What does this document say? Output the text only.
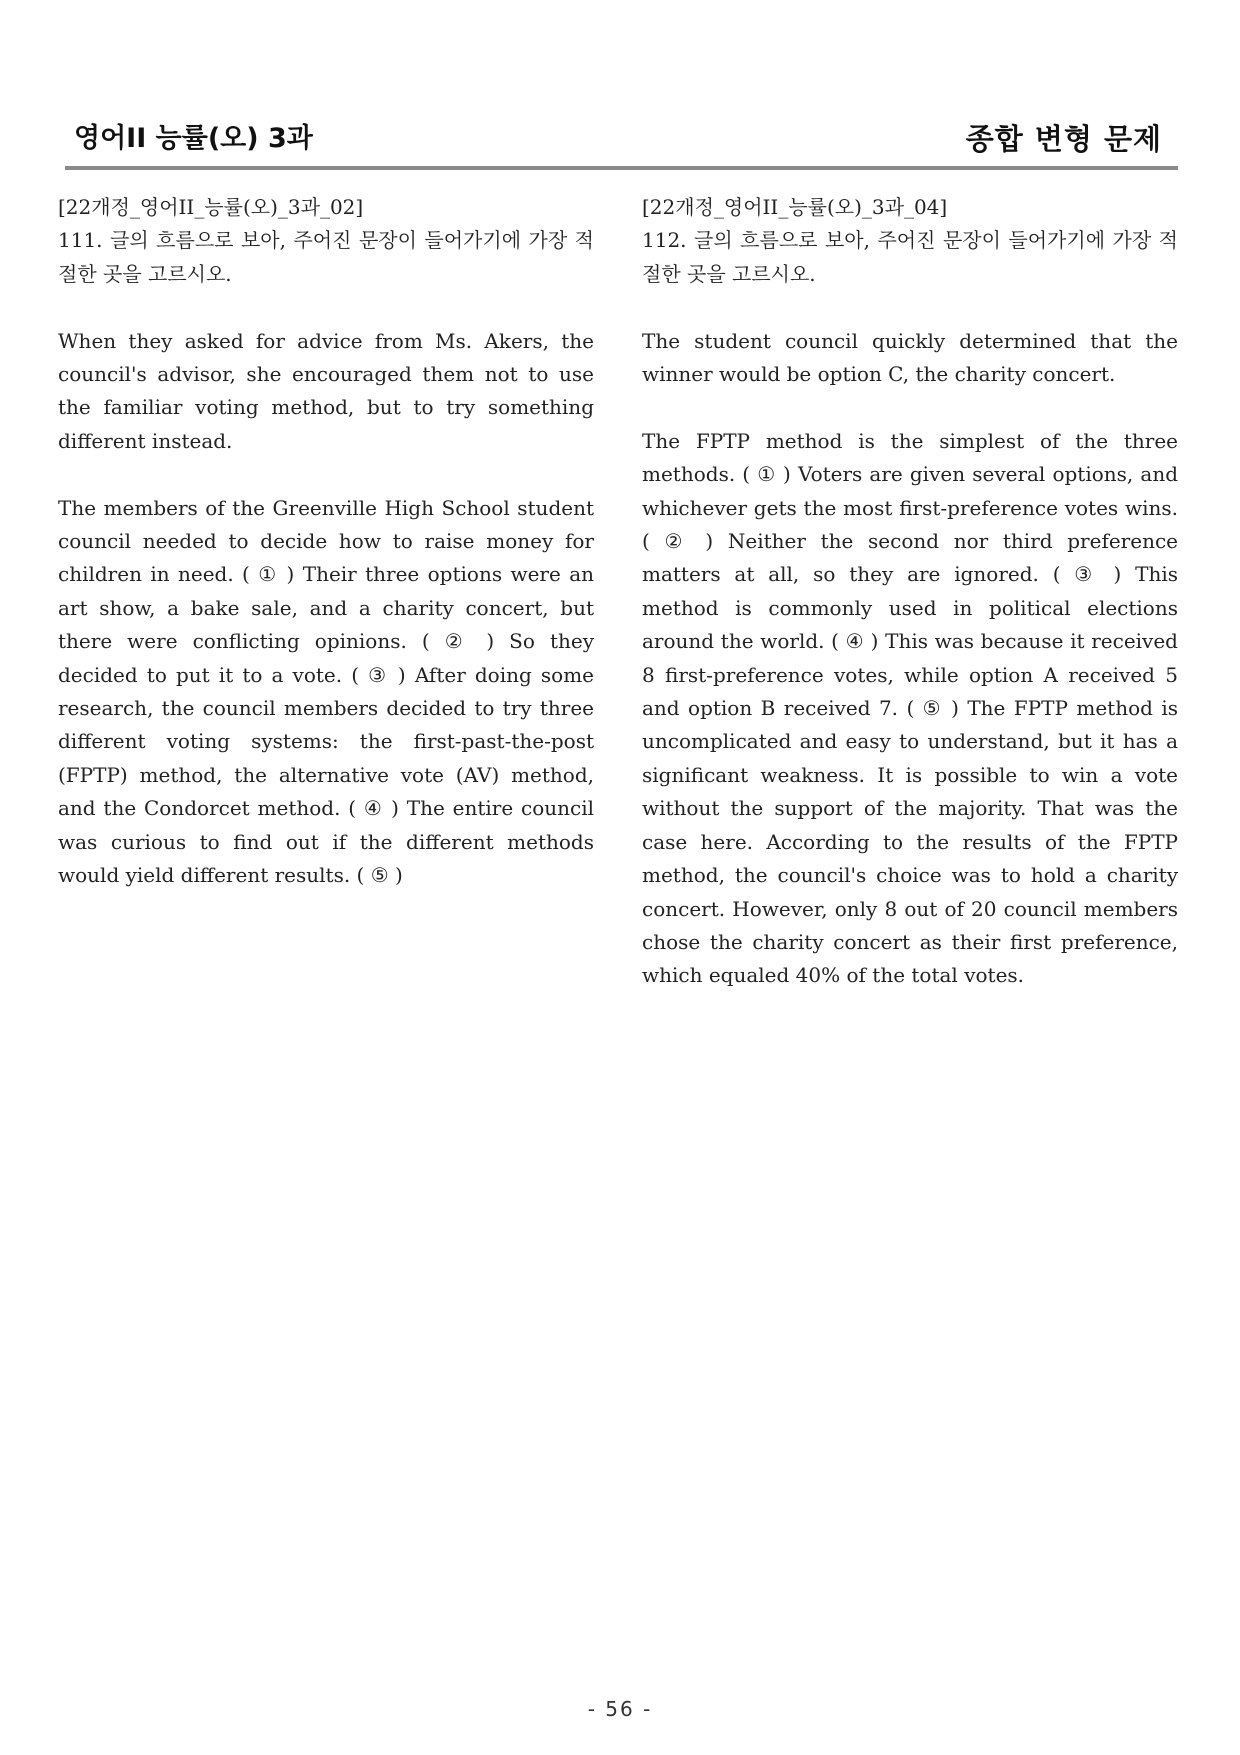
영어II 능률(오) 3과	종합 변형 문제

[22개정_영어II_능률(오)_3과_02]

111. 글의 흐름으로 보아, 주어진 문장이 들어가기에 가장 적절한 곳을 고르시오.

When they asked for advice from Ms. Akers, the council's advisor, she encouraged them not to use the familiar voting method, but to try something different instead.

The members of the Greenville High School student council needed to decide how to raise money for children in need. ( ① ) Their three options were an art show, a bake sale, and a charity concert, but there were conflicting opinions. ( ② ) So they decided to put it to a vote. ( ③ ) After doing some research, the council members decided to try three different voting systems: the first-past-the-post (FPTP) method, the alternative vote (AV) method, and the Condorcet method. ( ④ ) The entire council was curious to find out if the different methods would yield different results. ( ⑤ )

[22개정_영어II_능률(오)_3과_04]

112. 글의 흐름으로 보아, 주어진 문장이 들어가기에 가장 적절한 곳을 고르시오.

The student council quickly determined that the winner would be option C, the charity concert.

The FPTP method is the simplest of the three methods. ( ① ) Voters are given several options, and whichever gets the most first-preference votes wins. ( ② ) Neither the second nor third preference matters at all, so they are ignored. ( ③ ) This method is commonly used in political elections around the world. ( ④ ) This was because it received 8 first-preference votes, while option A received 5 and option B received 7. ( ⑤ ) The FPTP method is uncomplicated and easy to understand, but it has a significant weakness. It is possible to win a vote without the support of the majority. That was the case here. According to the results of the FPTP method, the council's choice was to hold a charity concert. However, only 8 out of 20 council members chose the charity concert as their first preference, which equaled 40% of the total votes.

- 56 -
